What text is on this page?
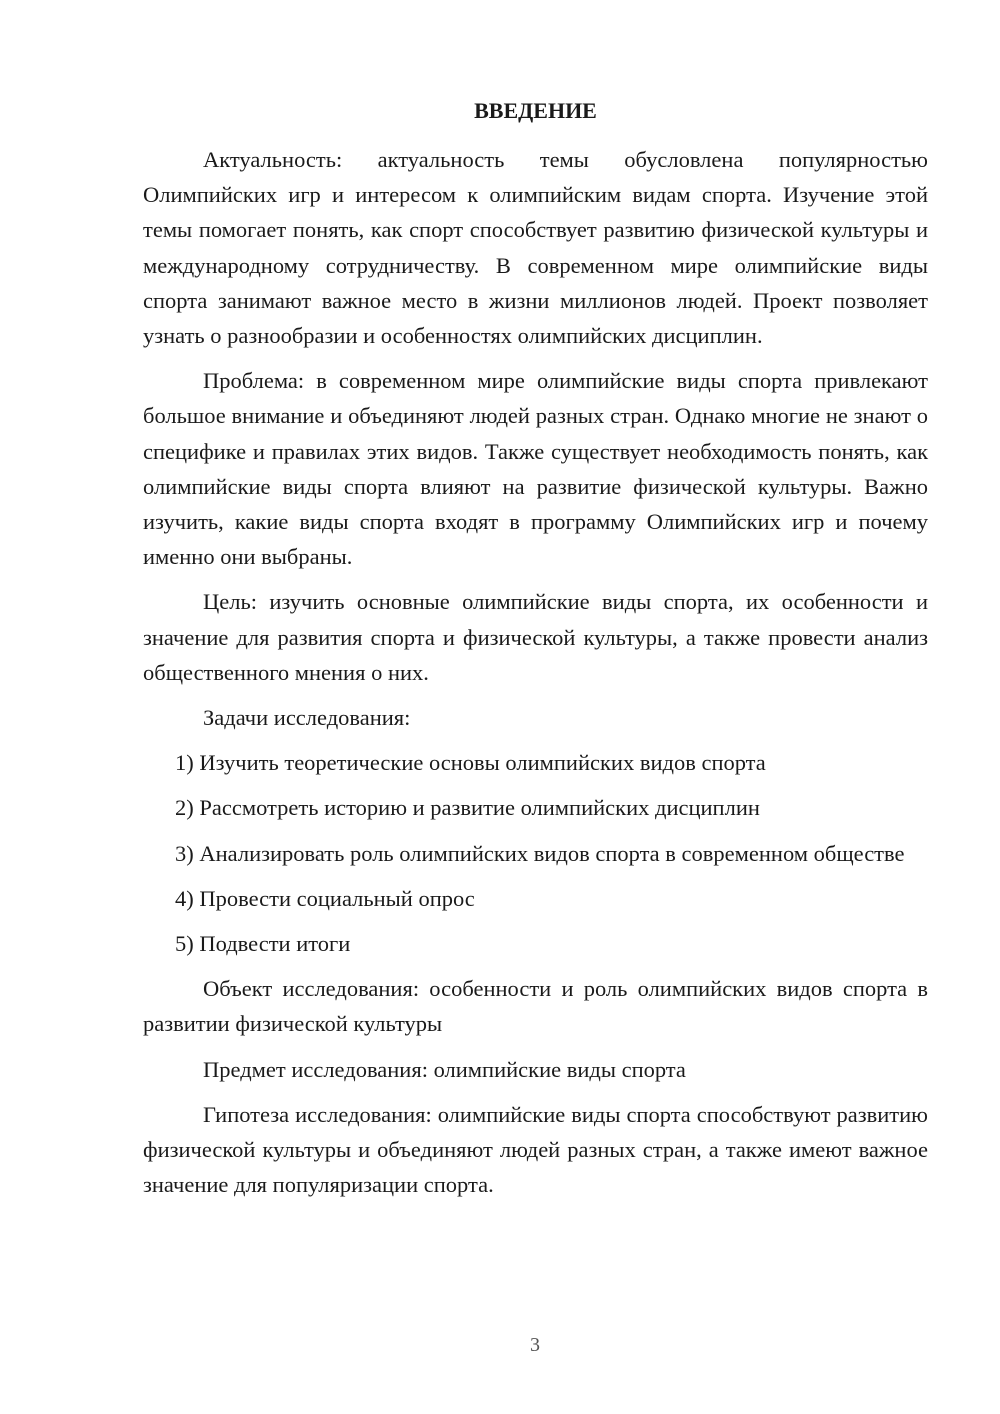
ВВЕДЕНИЕ

Актуальность: актуальность темы обусловлена популярностью Олимпийских игр и интересом к олимпийским видам спорта. Изучение этой темы помогает понять, как спорт способствует развитию физической культуры и международному сотрудничеству. В современном мире олимпийские виды спорта занимают важное место в жизни миллионов людей. Проект позволяет узнать о разнообразии и особенностях олимпийских дисциплин.

Проблема: в современном мире олимпийские виды спорта привлекают большое внимание и объединяют людей разных стран. Однако многие не знают о специфике и правилах этих видов. Также существует необходимость понять, как олимпийские виды спорта влияют на развитие физической культуры. Важно изучить, какие виды спорта входят в программу Олимпийских игр и почему именно они выбраны.

Цель: изучить основные олимпийские виды спорта, их особенности и значение для развития спорта и физической культуры, а также провести анализ общественного мнения о них.

Задачи исследования:

1) Изучить теоретические основы олимпийских видов спорта
2) Рассмотреть историю и развитие олимпийских дисциплин
3) Анализировать роль олимпийских видов спорта в современном обществе
4) Провести социальный опрос
5) Подвести итоги

Объект исследования: особенности и роль олимпийских видов спорта в развитии физической культуры

Предмет исследования: олимпийские виды спорта

Гипотеза исследования: олимпийские виды спорта способствуют развитию физической культуры и объединяют людей разных стран, а также имеют важное значение для популяризации спорта.

3
